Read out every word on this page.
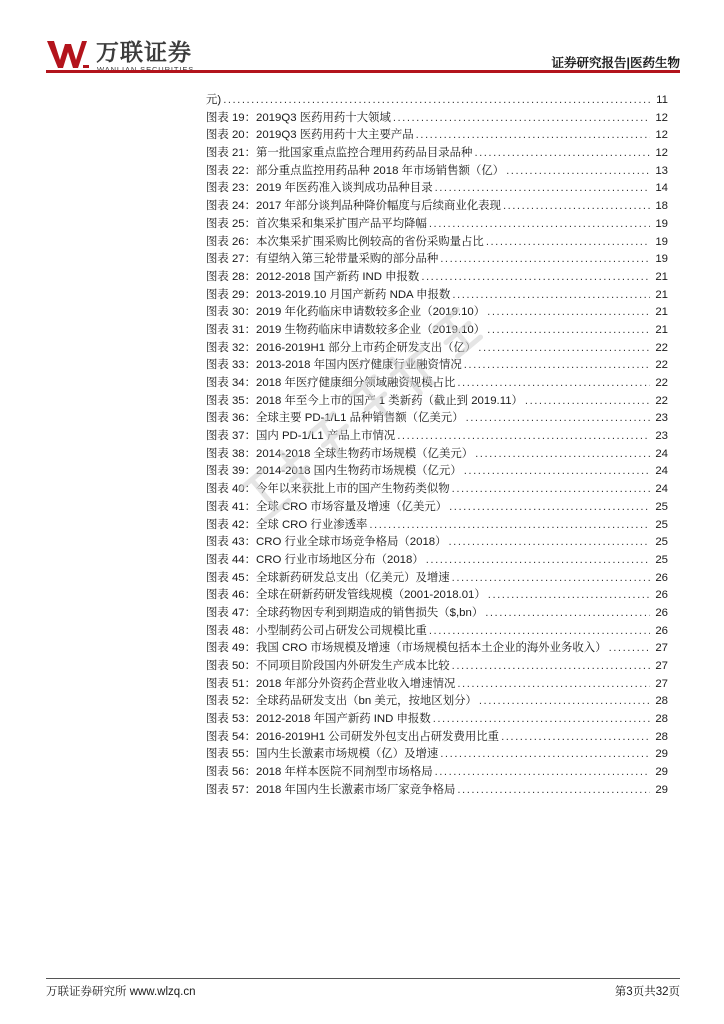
万联证券	证券研究报告|医药生物
元) .....	11
图表 19：2019Q3 医药用药十大领域 .....	12
图表 20：2019Q3 医药用药十大主要产品 .....	12
图表 21：第一批国家重点监控合理用药药品目录品种 .....	12
图表 22：部分重点监控用药品种 2018 年市场销售额（亿） .....	13
图表 23：2019 年医药准入谈判成功品种目录 .....	14
图表 24：2017 年部分谈判品种降价幅度与后续商业化表现 .....	18
图表 25：首次集采和集采扩围产品平均降幅 .....	19
图表 26：本次集采扩围采购比例较高的省份采购量占比 .....	19
图表 27：有望纳入第三轮带量采购的部分品种 .....	19
图表 28：2012-2018 国产新药 IND 申报数 .....	21
图表 29：2013-2019.10 月国产新药 NDA 申报数 .....	21
图表 30：2019 年化药临床申请数较多企业（2019.10） .....	21
图表 31：2019 生物药临床申请数较多企业（2019.10） .....	21
图表 32：2016-2019H1 部分上市药企研发支出（亿） .....	22
图表 33：2013-2018 年国内医疗健康行业融资情况 .....	22
图表 34：2018 年医疗健康细分领域融资规模占比 .....	22
图表 35：2018 年至今上市的国产 1 类新药（截止到 2019.11） .....	22
图表 36：全球主要 PD-1/L1 品种销售额（亿美元） .....	23
图表 37：国内 PD-1/L1 产品上市情况 .....	23
图表 38：2014-2018 全球生物药市场规模（亿美元） .....	24
图表 39：2014-2018 国内生物药市场规模（亿元） .....	24
图表 40：今年以来获批上市的国产生物药类似物 .....	24
图表 41：全球 CRO 市场容量及增速（亿美元） .....	25
图表 42：全球 CRO 行业渗透率 .....	25
图表 43：CRO 行业全球市场竞争格局（2018） .....	25
图表 44：CRO 行业市场地区分布（2018） .....	25
图表 45：全球新药研发总支出（亿美元）及增速 .....	26
图表 46：全球在研新药研发管线规模（2001-2018.01） .....	26
图表 47：全球药物因专利到期造成的销售损失（$,bn） .....	26
图表 48：小型制药公司占研发公司规模比重 .....	26
图表 49：我国 CRO 市场规模及增速（市场规模包括本土企业的海外业务收入） .....	27
图表 50：不同项目阶段国内外研发生产成本比较 .....	27
图表 51：2018 年部分外资药企营业收入增速情况 .....	27
图表 52：全球药品研发支出（bn 美元，按地区划分） .....	28
图表 53：2012-2018 年国产新药 IND 申报数 .....	28
图表 54：2016-2019H1 公司研发外包支出占研发费用比重 .....	28
图表 55：国内生长激素市场规模（亿）及增速 .....	29
图表 56：2018 年样本医院不同剂型市场格局 .....	29
图表 57：2018 年国内生长激素市场厂家竞争格局 .....	29
万联证券研究所 www.wlzq.cn	第3页共32页
